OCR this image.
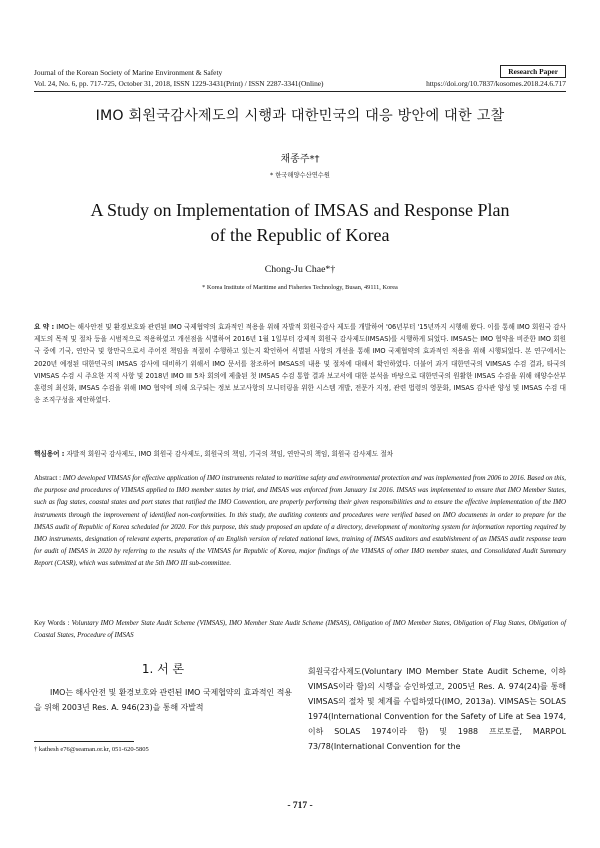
Journal of the Korean Society of Marine Environment & Safety	Research Paper
Vol. 24, No. 6, pp. 717-725, October 31, 2018, ISSN 1229-3431(Print) / ISSN 2287-3341(Online)	https://doi.org/10.7837/kosomes.2018.24.6.717
IMO 회원국감사제도의 시행과 대한민국의 대응 방안에 대한 고찰
채종주*†
* 한국해양수산연수원
A Study on Implementation of IMSAS and Response Plan
of the Republic of Korea
Chong-Ju Chae*†
* Korea Institute of Maritime and Fisheries Technology, Busan, 49111, Korea
요 약 : IMO는 해사안전 및 환경보호와 관련된 IMO 국제협약의 효과적인 적용을 위해 자발적 회원국감사 제도를 개발하여 '06년부터 '15년까지 시행해 왔다. 이를 통해 IMO 회원국 감사제도의 목적 및 절차 등을 시범적으로 적용하였고 개선점을 식별하여 2016년 1월 1일부터 강제적 회원국 감사제도(IMSAS)를 시행하게 되었다. IMSAS는 IMO 협약을 비준한 IMO 회원국 중에 기국, 연안국 및 항만국으로서 주어진 책임을 적절히 수행하고 있는지 확인하여 식별된 사항의 개선을 통해 IMO 국제협약의 효과적인 적용을 위해 시행되었다. 본 연구에서는 2020년 예정된 대한민국의 IMSAS 감사에 대비하기 위해서 IMO 문서를 참조하여 IMSAS의 내용 및 절차에 대해서 확인하였다. 더불어 과거 대한민국의 VIMSAS 수검 결과, 타국의 VIMSAS 수검 시 주요한 지적 사항 및 2018년 IMO III 5차 회의에 제출된 첫 IMSAS 수검 통합 결과 보고서에 대한 분석을 바탕으로 대한민국의 원활한 IMSAS 수검을 위해 해양수산부훈령의 최신화, IMSAS 수검을 위해 IMO 협약에 의해 요구되는 정보 보고사항의 모니터링을 위한 시스템 개발, 전문가 지정, 관련 법령의 영문화, IMSAS 감사관 양성 및 IMSAS 수검 대응 조직구성을 제안하였다.
핵심용어 : 자발적 회원국 감사제도, IMO 회원국 감사제도, 회원국의 책임, 기국의 책임, 연안국의 책임, 회원국 감사제도 절차
Abstract : IMO developed VIMSAS for effective application of IMO instruments related to maritime safety and environmental protection and was implemented from 2006 to 2016. Based on this, the purpose and procedures of VIMSAS applied to IMO member states by trial, and IMSAS was enforced from January 1st 2016. IMSAS was implemented to ensure that IMO Member States, such as flag states, coastal states and port states that ratified the IMO Convention, are properly performing their given responsibilities and to ensure the effective implementation of the IMO instruments through the improvement of identified non-conformities. In this study, the auditing contents and procedures were verified based on IMO documents in order to prepare for the IMSAS audit of Republic of Korea scheduled for 2020. For this purpose, this study proposed an update of a directory, development of monitoring system for information reporting required by IMO instruments, designation of relevant experts, preparation of an English version of related national laws, training of IMSAS auditors and establishment of an IMSAS audit response team for audit of IMSAS in 2020 by referring to the results of the VIMSAS for Republic of Korea, major findings of the VIMSAS of other IMO member states, and Consolidated Audit Summary Report (CASR), which was submitted at the 5th IMO III sub-committee.
Key Words : Voluntary IMO Member State Audit Scheme (VIMSAS), IMO Member State Audit Scheme (IMSAS), Obligation of IMO Member States, Obligation of Flag States, Obligation of Coastal States, Procedure of IMSAS
1. 서 론
IMO는 해사안전 및 환경보호와 관련된 IMO 국제협약의 효과적인 적용을 위해 2003년 Res. A. 946(23)을 통해 자발적
† kathesh e76@seaman.or.kr, 051-620-5805
회원국감사제도(Voluntary IMO Member State Audit Scheme, 이하 VIMSAS이라 함)의 시행을 승인하였고, 2005년 Res. A. 974(24)를 통해 VIMSAS의 절차 및 체계를 수립하였다(IMO, 2013a). VIMSAS는 SOLAS 1974(International Convention for the Safety of Life at Sea 1974, 이하 SOLAS 1974이라 함) 및 1988 프로토콜, MARPOL 73/78(International Convention for the
- 717 -
